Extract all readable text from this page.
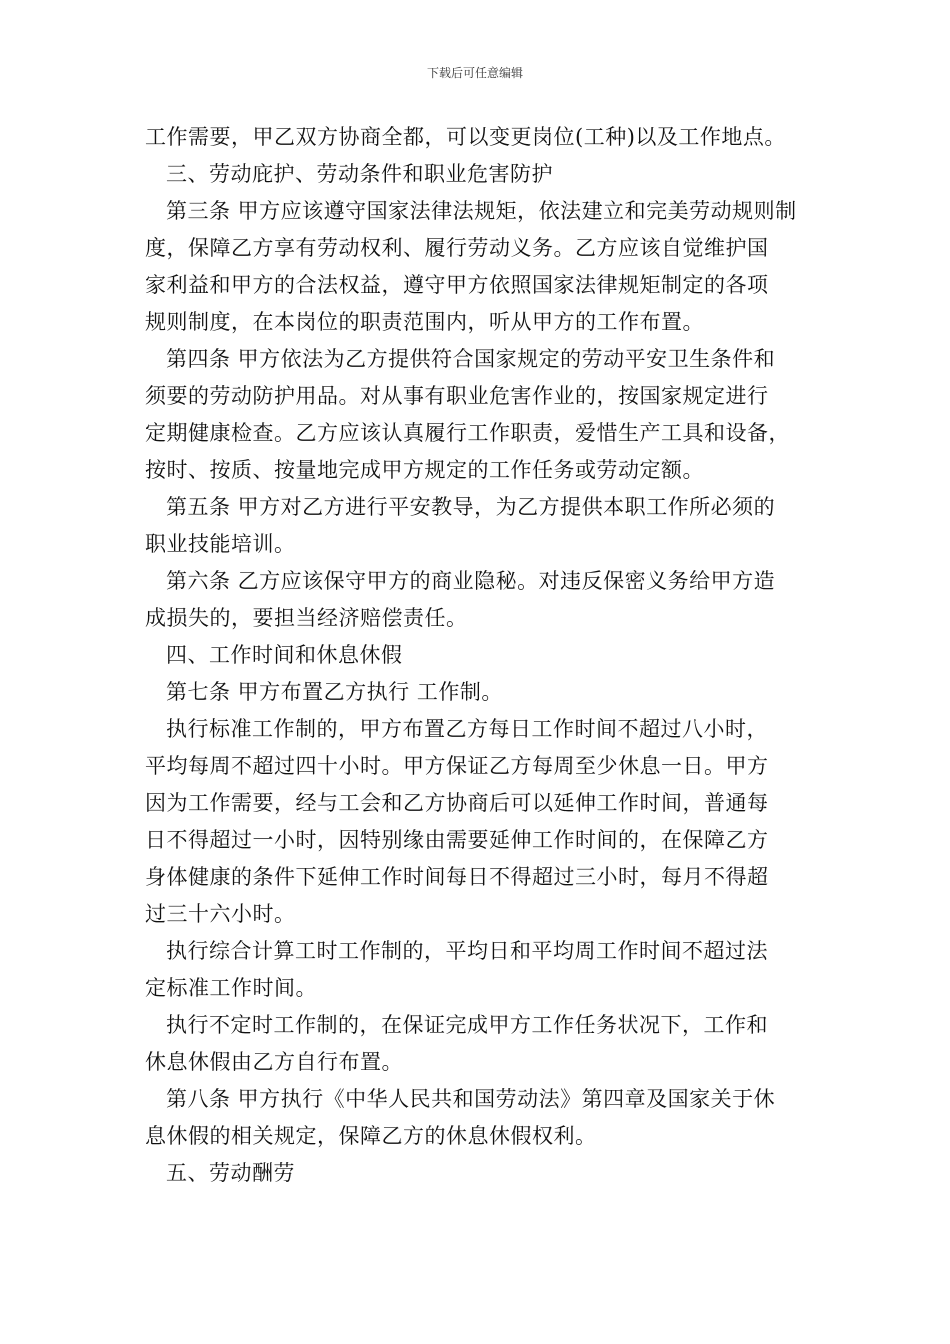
下载后可任意编辑
工作需要，甲乙双方协商全都，可以变更岗位(工种)以及工作地点。
三、劳动庇护、劳动条件和职业危害防护
第三条 甲方应该遵守国家法律法规矩，依法建立和完美劳动规则制
度，保障乙方享有劳动权利、履行劳动义务。乙方应该自觉维护国
家利益和甲方的合法权益，遵守甲方依照国家法律规矩制定的各项
规则制度，在本岗位的职责范围内，听从甲方的工作布置。
第四条 甲方依法为乙方提供符合国家规定的劳动平安卫生条件和
须要的劳动防护用品。对从事有职业危害作业的，按国家规定进行
定期健康检查。乙方应该认真履行工作职责，爱惜生产工具和设备，
按时、按质、按量地完成甲方规定的工作任务或劳动定额。
第五条 甲方对乙方进行平安教导，为乙方提供本职工作所必须的
职业技能培训。
第六条 乙方应该保守甲方的商业隐秘。对违反保密义务给甲方造
成损失的，要担当经济赔偿责任。
四、工作时间和休息休假
第七条 甲方布置乙方执行 工作制。
执行标准工作制的，甲方布置乙方每日工作时间不超过八小时，
平均每周不超过四十小时。甲方保证乙方每周至少休息一日。甲方
因为工作需要，经与工会和乙方协商后可以延伸工作时间，普通每
日不得超过一小时，因特别缘由需要延伸工作时间的，在保障乙方
身体健康的条件下延伸工作时间每日不得超过三小时，每月不得超
过三十六小时。
执行综合计算工时工作制的，平均日和平均周工作时间不超过法
定标准工作时间。
执行不定时工作制的，在保证完成甲方工作任务状况下，工作和
休息休假由乙方自行布置。
第八条 甲方执行《中华人民共和国劳动法》第四章及国家关于休
息休假的相关规定，保障乙方的休息休假权利。
五、劳动酬劳
